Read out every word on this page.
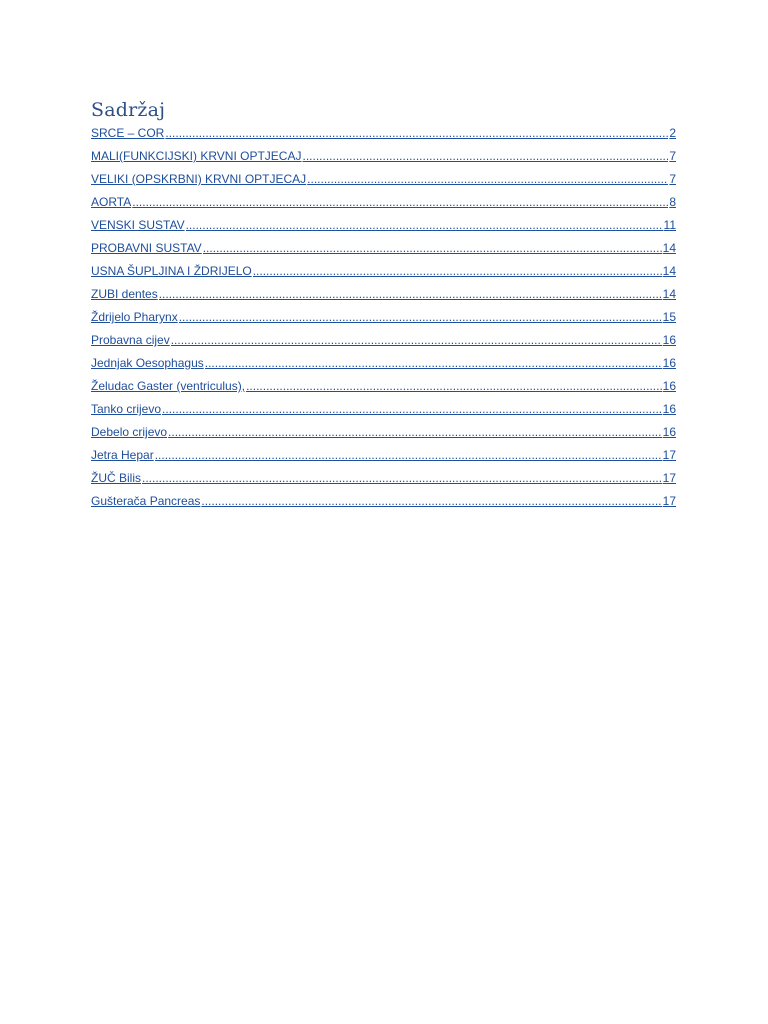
Sadržaj
SRCE – COR .....	2
MALI(FUNKCIJSKI) KRVNI OPTJECAJ .....	7
VELIKI (OPSKRBNI) KRVNI OPTJECAJ .....	7
AORTA .....	8
VENSKI SUSTAV .....	11
PROBAVNI SUSTAV .....	14
USNA ŠUPLJINA I ŽDRIJELO .....	14
ZUBI dentes .....	14
Ždrijelo Pharynx .....	15
Probavna cijev .....	16
Jednjak Oesophagus .....	16
Želudac Gaster (ventriculus), .....	16
Tanko crijevo .....	16
Debelo crijevo .....	16
Jetra Hepar .....	17
ŽUČ Bilis .....	17
Gušterača Pancreas .....	17
